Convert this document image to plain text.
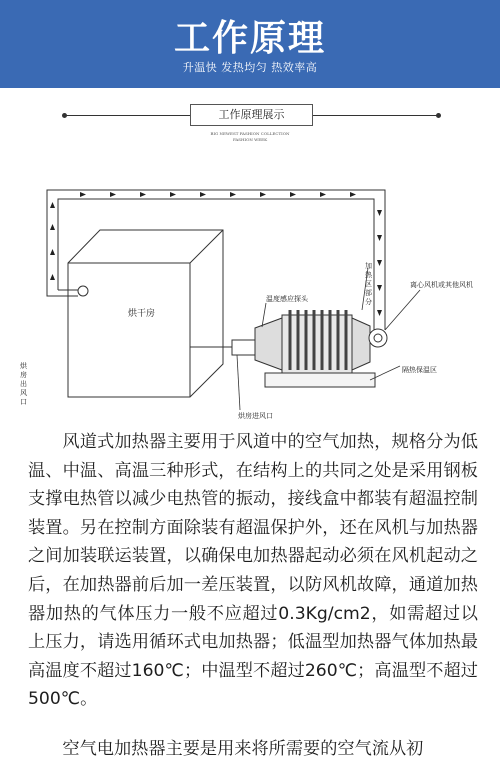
工作原理
升温快 发热均匀 热效率高
工作原理展示
BIG NEWEST FASHION COLLECTION
FASHION WEEK
烘干房
温度感应探头
离心风机或其他风机
隔热保温区
烘房进风口
加热区部分
烘房出风口
风道式加热器主要用于风道中的空气加热，规格分为低温、中温、高温三种形式，在结构上的共同之处是采用钢板支撑电热管以减少电热管的振动，接线盒中都装有超温控制装置。另在控制方面除装有超温保护外，还在风机与加热器之间加装联运装置，以确保电加热器起动必须在风机起动之后，在加热器前后加一差压装置，以防风机故障，通道加热器加热的气体压力一般不应超过0.3Kg/cm2，如需超过以上压力，请选用循环式电加热器；低温型加热器气体加热最高温度不超过160℃；中温型不超过260℃；高温型不超过500℃。
空气电加热器主要是用来将所需要的空气流从初
